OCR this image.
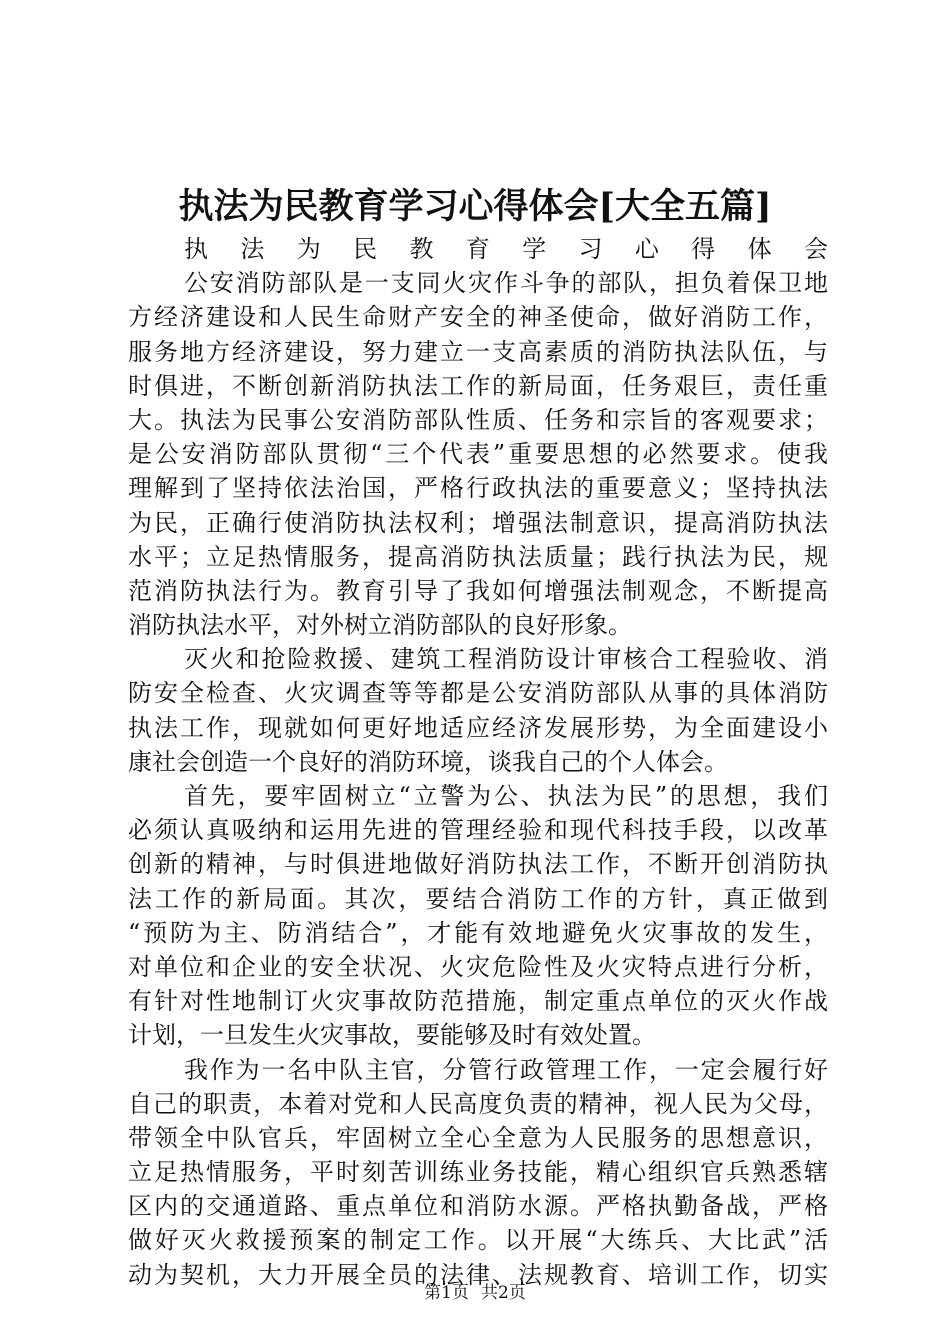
执法为民教育学习心得体会[大全五篇]
执法为民教育学习心得体会
公安消防部队是一支同火灾作斗争的部队，担负着保卫地
方经济建设和人民生命财产安全的神圣使命，做好消防工作，
服务地方经济建设，努力建立一支高素质的消防执法队伍，与
时俱进，不断创新消防执法工作的新局面，任务艰巨，责任重
大。执法为民事公安消防部队性质、任务和宗旨的客观要求；
是公安消防部队贯彻“三个代表”重要思想的必然要求。使我
理解到了坚持依法治国，严格行政执法的重要意义；坚持执法
为民，正确行使消防执法权利；增强法制意识，提高消防执法
水平；立足热情服务，提高消防执法质量；践行执法为民，规
范消防执法行为。教育引导了我如何增强法制观念，不断提高
消防执法水平，对外树立消防部队的良好形象。
灭火和抢险救援、建筑工程消防设计审核合工程验收、消
防安全检查、火灾调查等等都是公安消防部队从事的具体消防
执法工作，现就如何更好地适应经济发展形势，为全面建设小
康社会创造一个良好的消防环境，谈我自己的个人体会。
首先，要牢固树立“立警为公、执法为民”的思想，我们
必须认真吸纳和运用先进的管理经验和现代科技手段，以改革
创新的精神，与时俱进地做好消防执法工作，不断开创消防执
法工作的新局面。其次，要结合消防工作的方针，真正做到
“预防为主、防消结合”，才能有效地避免火灾事故的发生，
对单位和企业的安全状况、火灾危险性及火灾特点进行分析，
有针对性地制订火灾事故防范措施，制定重点单位的灭火作战
计划，一旦发生火灾事故，要能够及时有效处置。
我作为一名中队主官，分管行政管理工作，一定会履行好
自己的职责，本着对党和人民高度负责的精神，视人民为父母，
带领全中队官兵，牢固树立全心全意为人民服务的思想意识，
立足热情服务，平时刻苦训练业务技能，精心组织官兵熟悉辖
区内的交通道路、重点单位和消防水源。严格执勤备战，严格
做好灭火救援预案的制定工作。以开展“大练兵、大比武”活
动为契机，大力开展全员的法律、法规教育、培训工作，切实
第1页 共2页
